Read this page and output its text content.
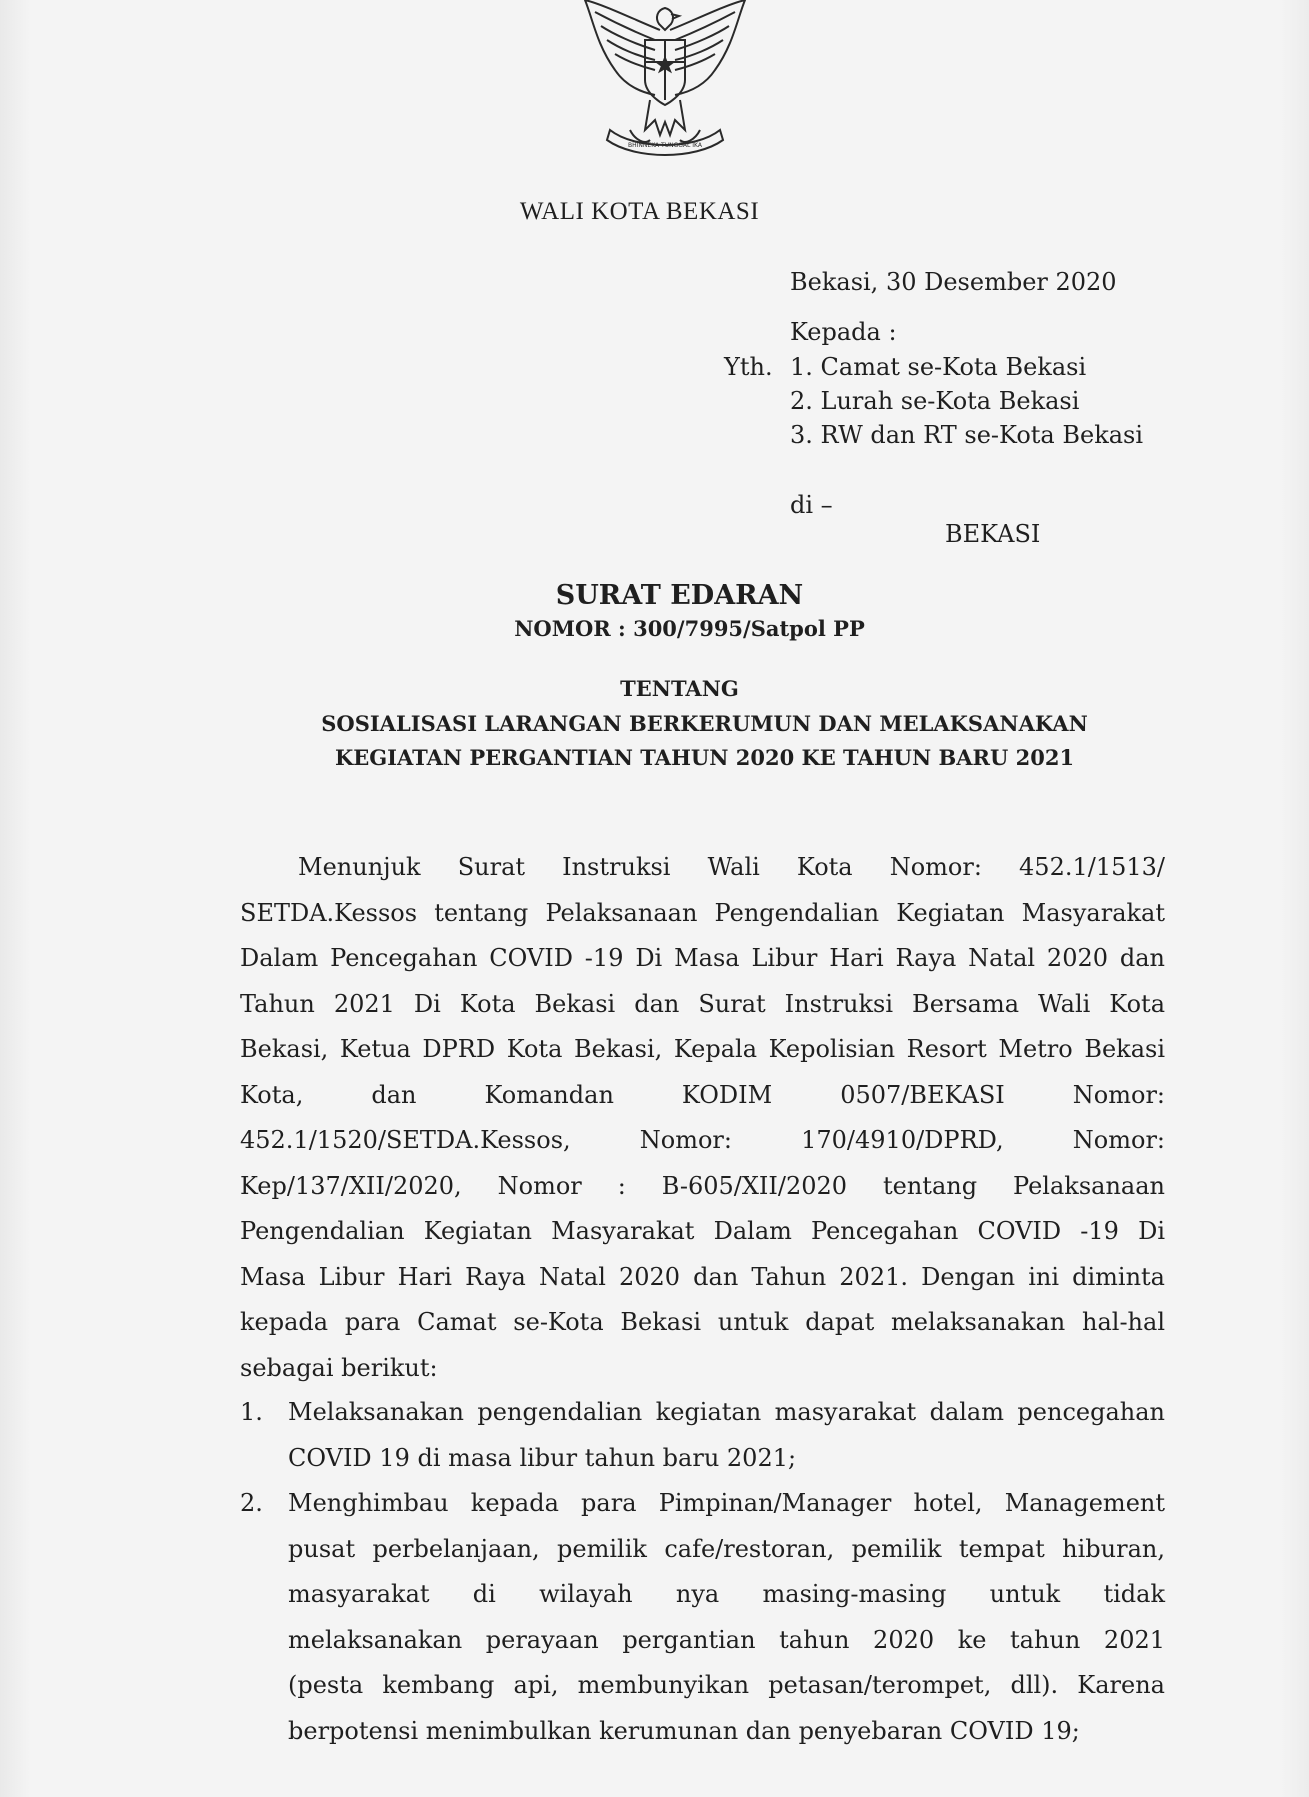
BHINNEKA TUNGGAL IKA
WALI KOTA BEKASI
Bekasi, 30 Desember 2020
Kepada :
Yth. 1. Camat se-Kota Bekasi
2. Lurah se-Kota Bekasi
3. RW dan RT se-Kota Bekasi
di –
BEKASI
SURAT EDARAN
NOMOR : 300/7995/Satpol PP
TENTANG
SOSIALISASI LARANGAN BERKERUMUN DAN MELAKSANAKAN
KEGIATAN PERGANTIAN TAHUN 2020 KE TAHUN BARU 2021
Menunjuk Surat Instruksi Wali Kota Nomor: 452.1/1513/
SETDA.Kessos tentang Pelaksanaan Pengendalian Kegiatan Masyarakat
Dalam Pencegahan COVID -19 Di Masa Libur Hari Raya Natal 2020 dan
Tahun 2021 Di Kota Bekasi dan Surat Instruksi Bersama Wali Kota
Bekasi, Ketua DPRD Kota Bekasi, Kepala Kepolisian Resort Metro Bekasi
Kota, dan Komandan KODIM 0507/BEKASI Nomor:
452.1/1520/SETDA.Kessos, Nomor: 170/4910/DPRD, Nomor:
Kep/137/XII/2020, Nomor : B-605/XII/2020 tentang Pelaksanaan
Pengendalian Kegiatan Masyarakat Dalam Pencegahan COVID -19 Di
Masa Libur Hari Raya Natal 2020 dan Tahun 2021. Dengan ini diminta
kepada para Camat se-Kota Bekasi untuk dapat melaksanakan hal-hal
sebagai berikut:
1. Melaksanakan pengendalian kegiatan masyarakat dalam pencegahan
COVID 19 di masa libur tahun baru 2021;
2. Menghimbau kepada para Pimpinan/Manager hotel, Management
pusat perbelanjaan, pemilik cafe/restoran, pemilik tempat hiburan,
masyarakat di wilayah nya masing-masing untuk tidak
melaksanakan perayaan pergantian tahun 2020 ke tahun 2021
(pesta kembang api, membunyikan petasan/terompet, dll). Karena
berpotensi menimbulkan kerumunan dan penyebaran COVID 19;
